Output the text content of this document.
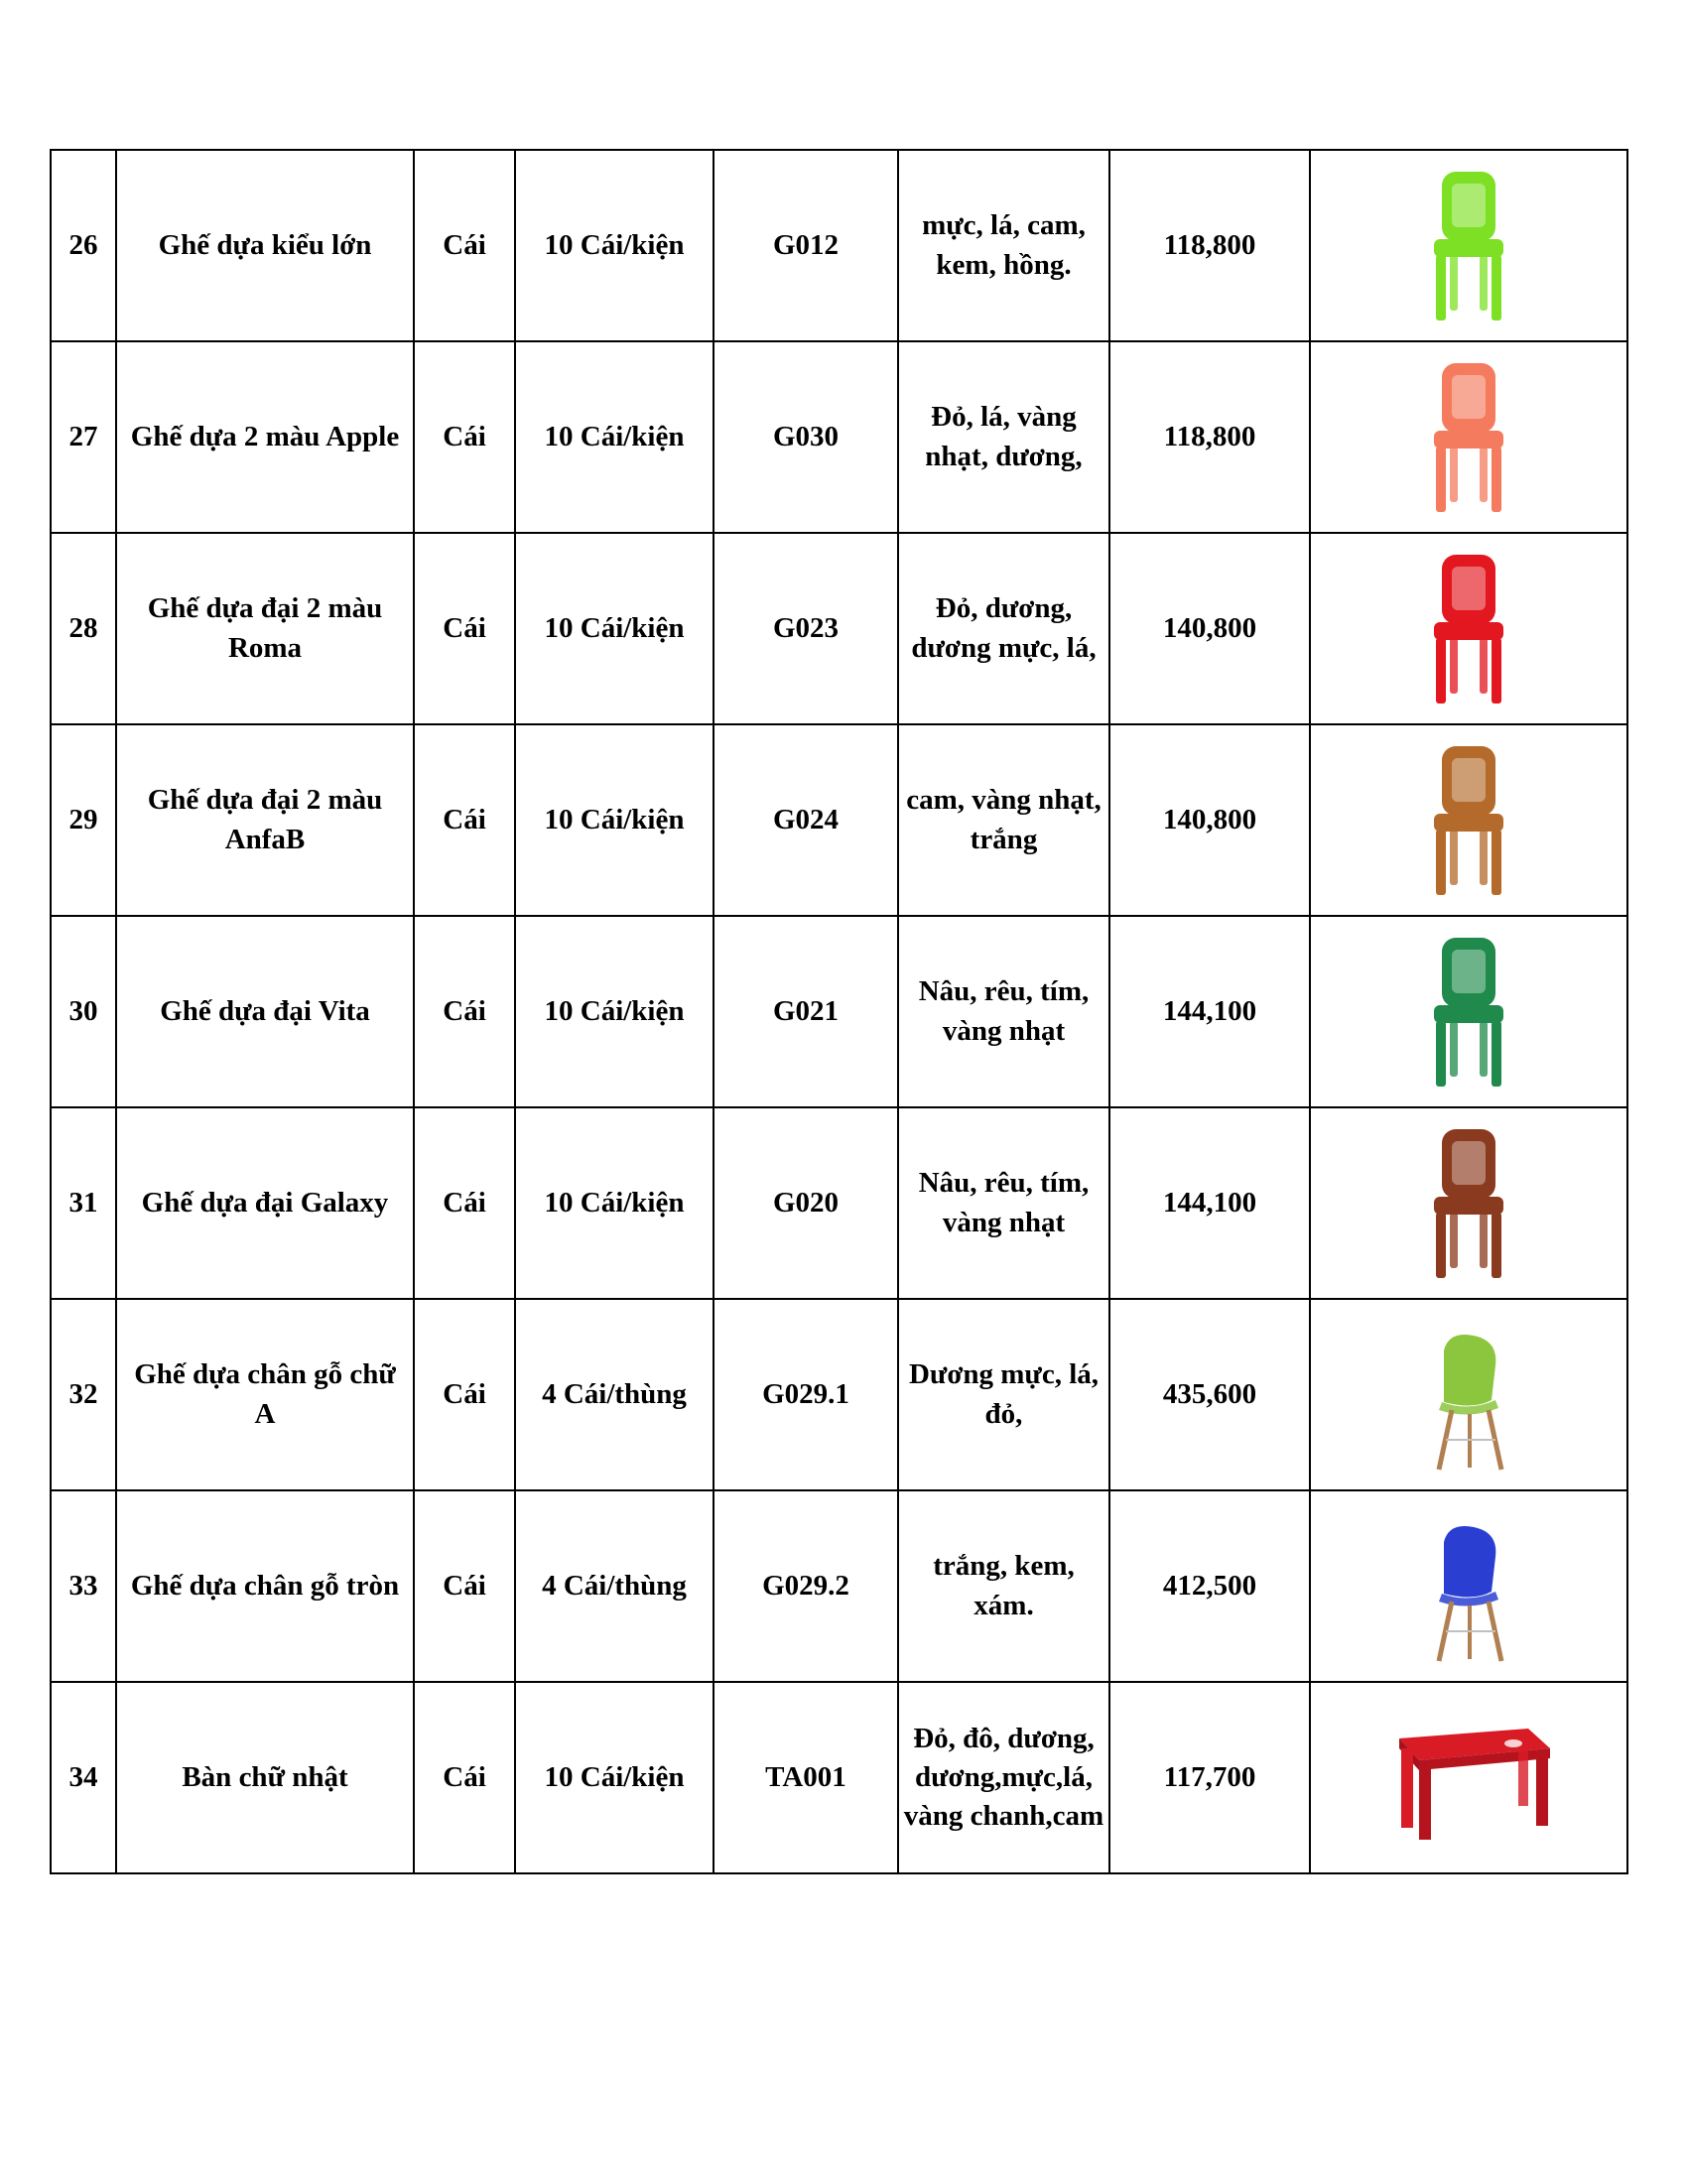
26	Ghế dựa kiểu lớn	Cái	10 Cái/kiện	G012	mực, lá, cam, kem, hồng.	118,800	

27	Ghế dựa 2 màu Apple	Cái	10 Cái/kiện	G030	Đỏ, lá, vàng nhạt, dương,	118,800	

28	Ghế dựa đại 2 màu Roma	Cái	10 Cái/kiện	G023	Đỏ, dương, dương mực, lá,	140,800	

29	Ghế dựa đại 2 màu AnfaB	Cái	10 Cái/kiện	G024	cam, vàng nhạt, trắng	140,800	

30	Ghế dựa đại Vita	Cái	10 Cái/kiện	G021	Nâu, rêu, tím, vàng nhạt	144,100	

31	Ghế dựa đại Galaxy	Cái	10 Cái/kiện	G020	Nâu, rêu, tím, vàng nhạt	144,100	

32	Ghế dựa chân gỗ chữ A	Cái	4 Cái/thùng	G029.1	Dương mực, lá, đỏ,	435,600	

33	Ghế dựa chân gỗ tròn	Cái	4 Cái/thùng	G029.2	trắng, kem, xám.	412,500	

34	Bàn chữ nhật	Cái	10 Cái/kiện	TA001	Đỏ, đô, dương, dương,mực,lá, vàng chanh,cam	117,700	
